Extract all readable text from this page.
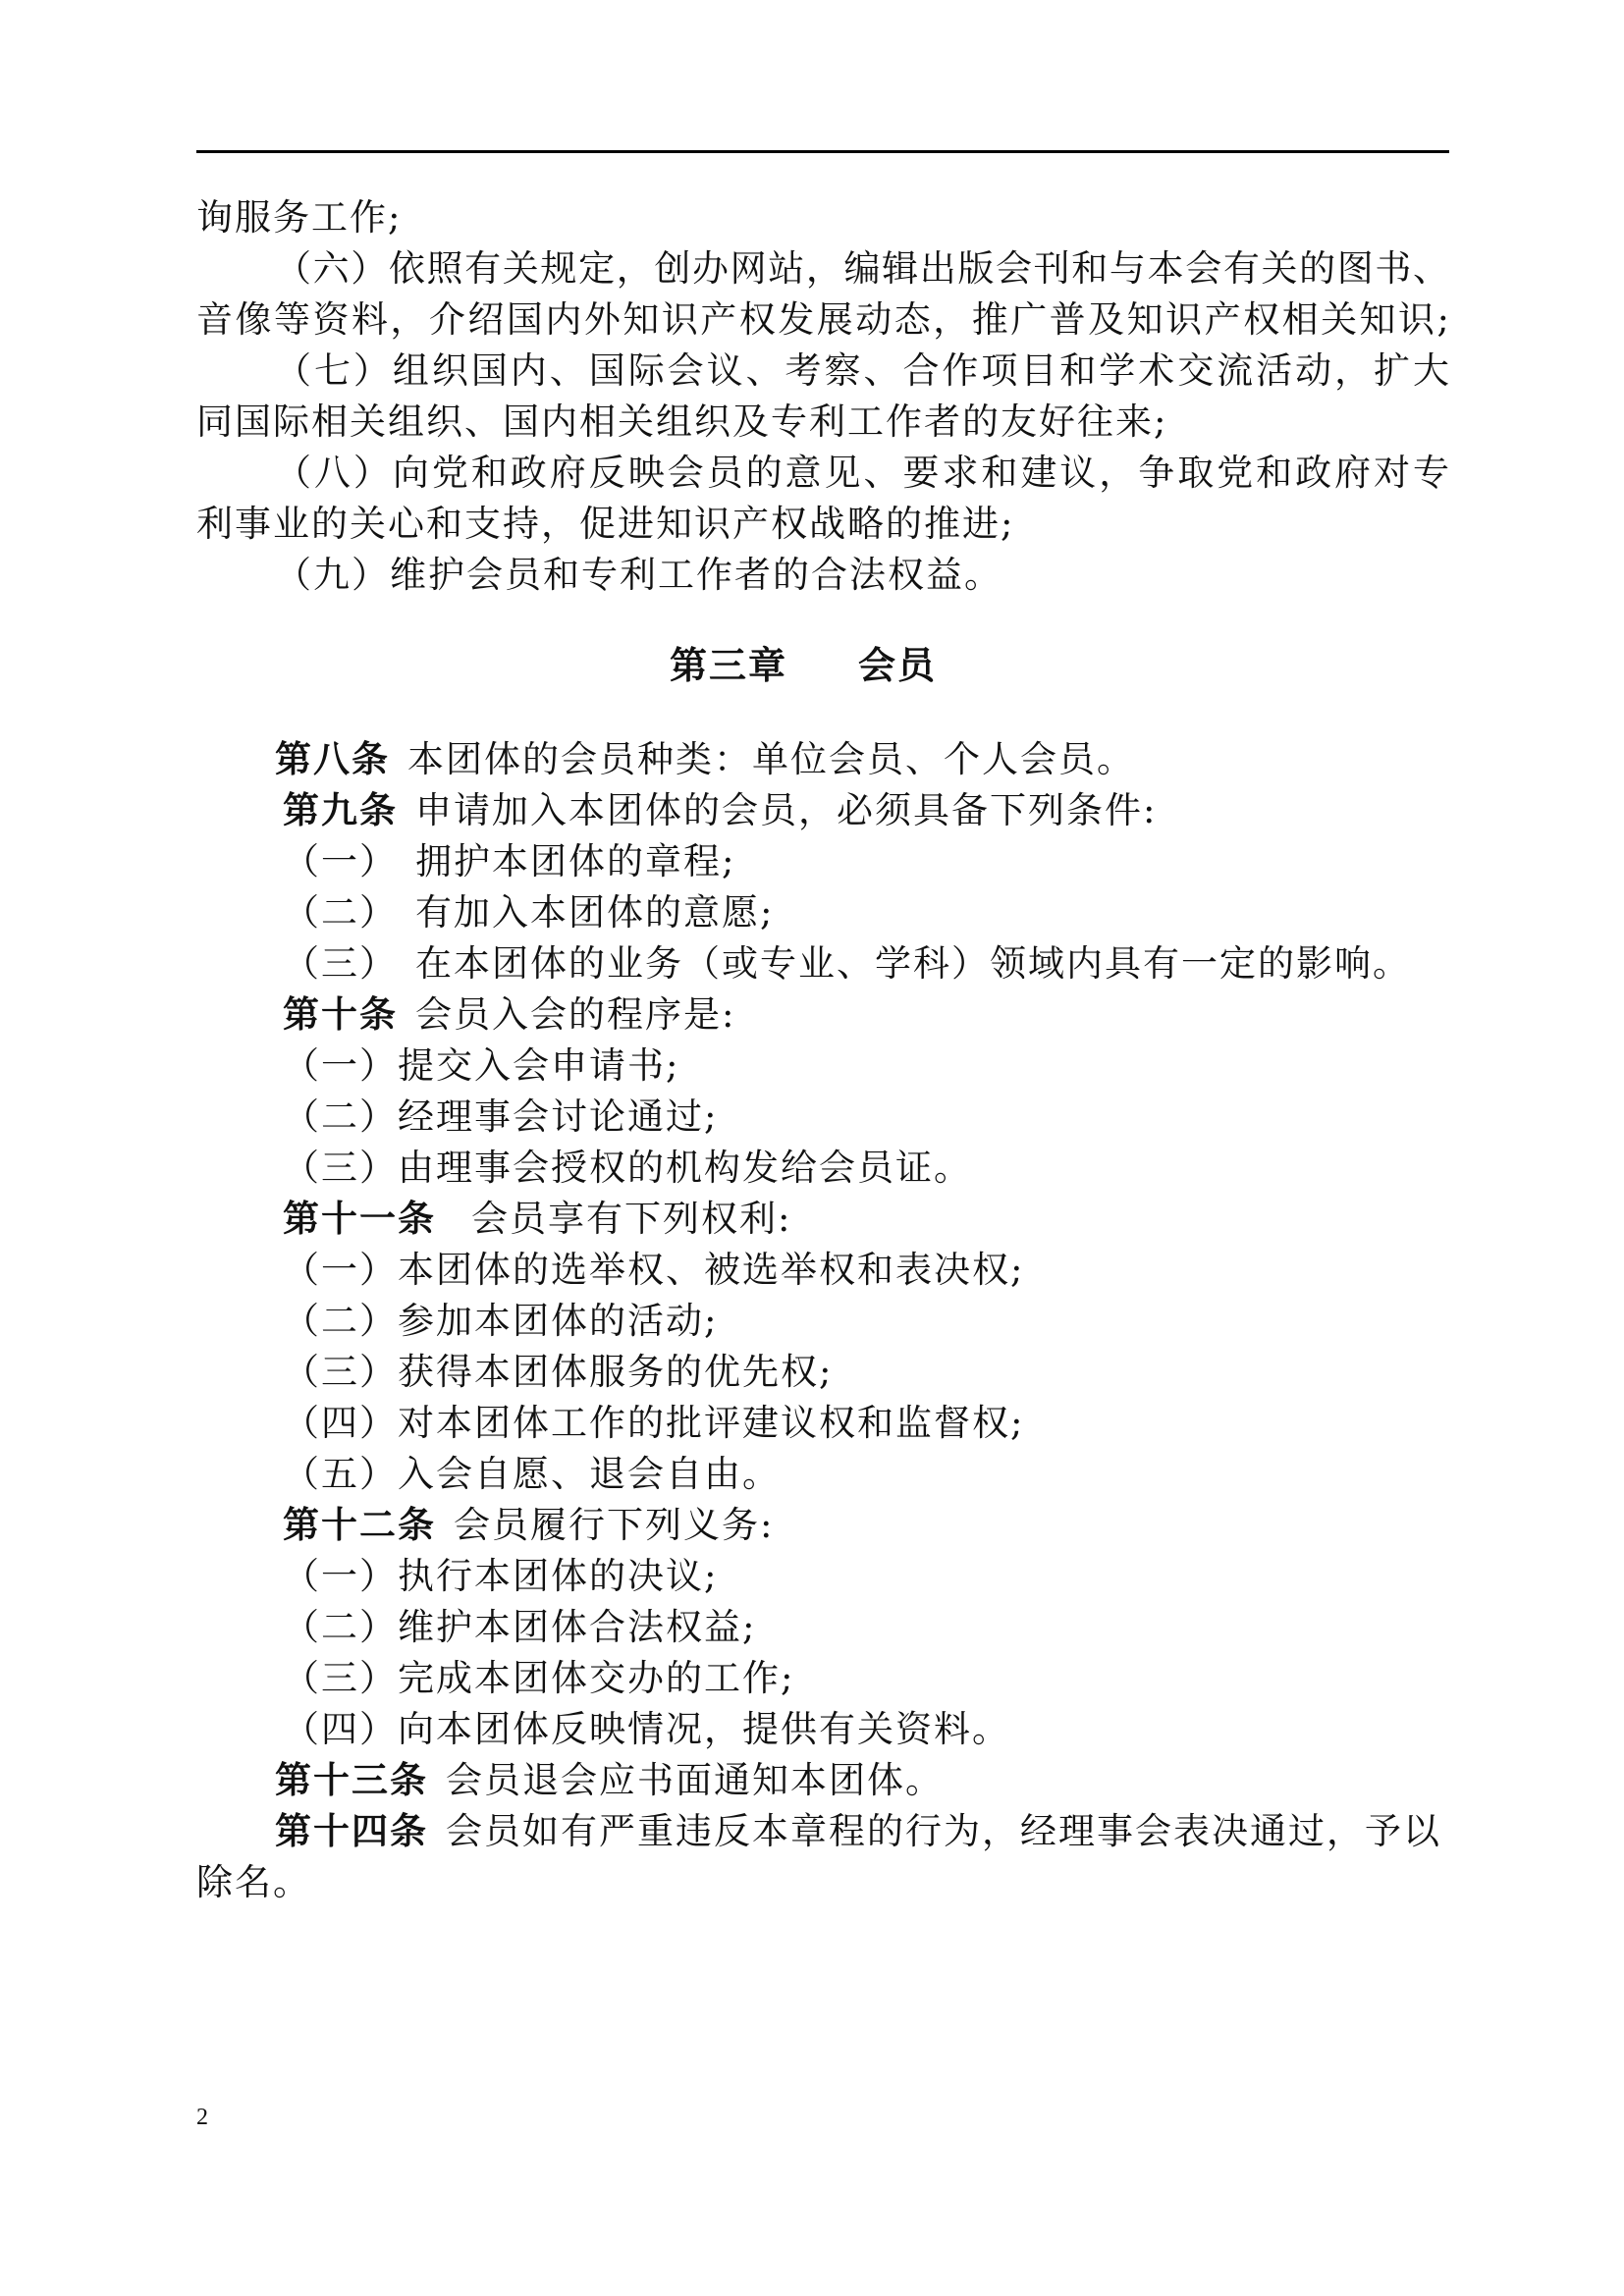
询服务工作;
（六）依照有关规定，创办网站，编辑出版会刊和与本会有关的图书、
音像等资料，介绍国内外知识产权发展动态，推广普及知识产权相关知识;
（七）组织国内、国际会议、考察、合作项目和学术交流活动，扩大
同国际相关组织、国内相关组织及专利工作者的友好往来;
（八）向党和政府反映会员的意见、要求和建议，争取党和政府对专
利事业的关心和支持，促进知识产权战略的推进;
（九）维护会员和专利工作者的合法权益。
第三章 会员
第八条 本团体的会员种类：单位会员、个人会员。
第九条 申请加入本团体的会员，必须具备下列条件:
（一） 拥护本团体的章程;
（二） 有加入本团体的意愿;
（三） 在本团体的业务（或专业、学科）领域内具有一定的影响。
第十条 会员入会的程序是:
（一）提交入会申请书;
（二）经理事会讨论通过;
（三）由理事会授权的机构发给会员证。
第十一条 会员享有下列权利:
（一）本团体的选举权、被选举权和表决权;
（二）参加本团体的活动;
（三）获得本团体服务的优先权;
（四）对本团体工作的批评建议权和监督权;
（五）入会自愿、退会自由。
第十二条 会员履行下列义务:
（一）执行本团体的决议;
（二）维护本团体合法权益;
（三）完成本团体交办的工作;
（四）向本团体反映情况，提供有关资料。
第十三条 会员退会应书面通知本团体。
第十四条 会员如有严重违反本章程的行为，经理事会表决通过，予以
除名。
2
